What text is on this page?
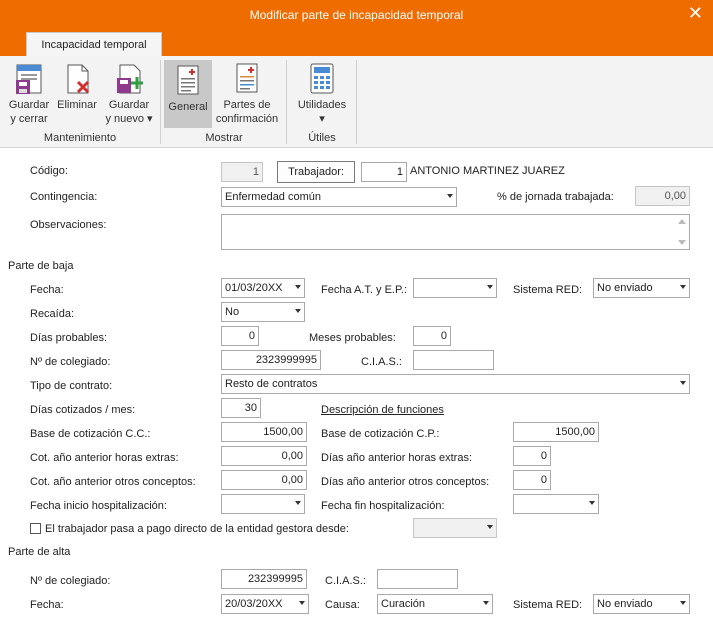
Modificar parte de incapacidad temporal	✕
Incapacidad temporal
Guardar
y cerrar
Eliminar Guardar
y nuevo ▾
Mantenimiento
General Partes de
confirmación
Mostrar
Utilidades
▾
Útiles
Código:	1	Trabajador:	1 ANTONIO MARTINEZ JUAREZ
Contingencia:	Enfermedad común	% de jornada trabajada:	0,00
Observaciones:
Parte de baja
Fecha:	01/03/20XX	Fecha A.T. y E.P.:	Sistema RED: No enviado
Recaída:	No
Días probables:	0	Meses probables:	0
Nº de colegiado:	2323999995	C.I.A.S.:
Tipo de contrato:	Resto de contratos
Días cotizados / mes:	30	Descripción de funciones
Base de cotización C.C.:	1500,00	Base de cotización C.P.:	1500,00
Cot. año anterior horas extras:	0,00	Días año anterior horas extras:	0
Cot. año anterior otros conceptos:	0,00	Días año anterior otros conceptos:	0
Fecha inicio hospitalización:	Fecha fin hospitalización:
El trabajador pasa a pago directo de la entidad gestora desde:
Parte de alta
Nº de colegiado:	232399995	C.I.A.S.:
Fecha:	20/03/20XX	Causa: Curación	Sistema RED: No enviado
